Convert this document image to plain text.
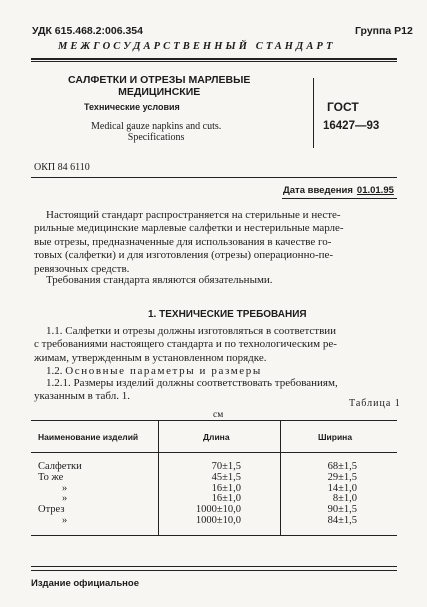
УДК 615.468.2:006.354	Группа Р12
МЕЖГОСУДАРСТВЕННЫЙ СТАНДАРТ
САЛФЕТКИ И ОТРЕЗЫ МАРЛЕВЫЕ
МЕДИЦИНСКИЕ
Технические условия
Medical gauze napkins and cuts.
Specifications
ГОСТ
16427—93
ОКП 84 6110
Дата введения 01.01.95

Настоящий стандарт распространяется на стерильные и несте-

рильные медицинские марлевые салфетки и нестерильные марле-

вые отрезы, предназначенные для использования в качестве го-

товых (салфетки) и для изготовления (отрезы) операционно-пе-

ревязочных средств.

Требования стандарта являются обязательными.

1. ТЕХНИЧЕСКИЕ ТРЕБОВАНИЯ

1.1. Салфетки и отрезы должны изготовляться в соответствии

с требованиями настоящего стандарта и по технологическим ре-

жимам, утвержденным в установленном порядке.

1.2. Основные параметры и размеры

1.2.1. Размеры изделий должны соответствовать требованиям,

указанным в табл. 1.

Таблица 1
см
Наименование изделий	Длина	Ширина
Салфетки	70±1,5	68±1,5
То же	45±1,5	29±1,5
»	16±1,0	14±1,0
»	16±1,0	8±1,0
Отрез	1000±10,0	90±1,5
»	1000±10,0	84±1,5
Издание официальное
